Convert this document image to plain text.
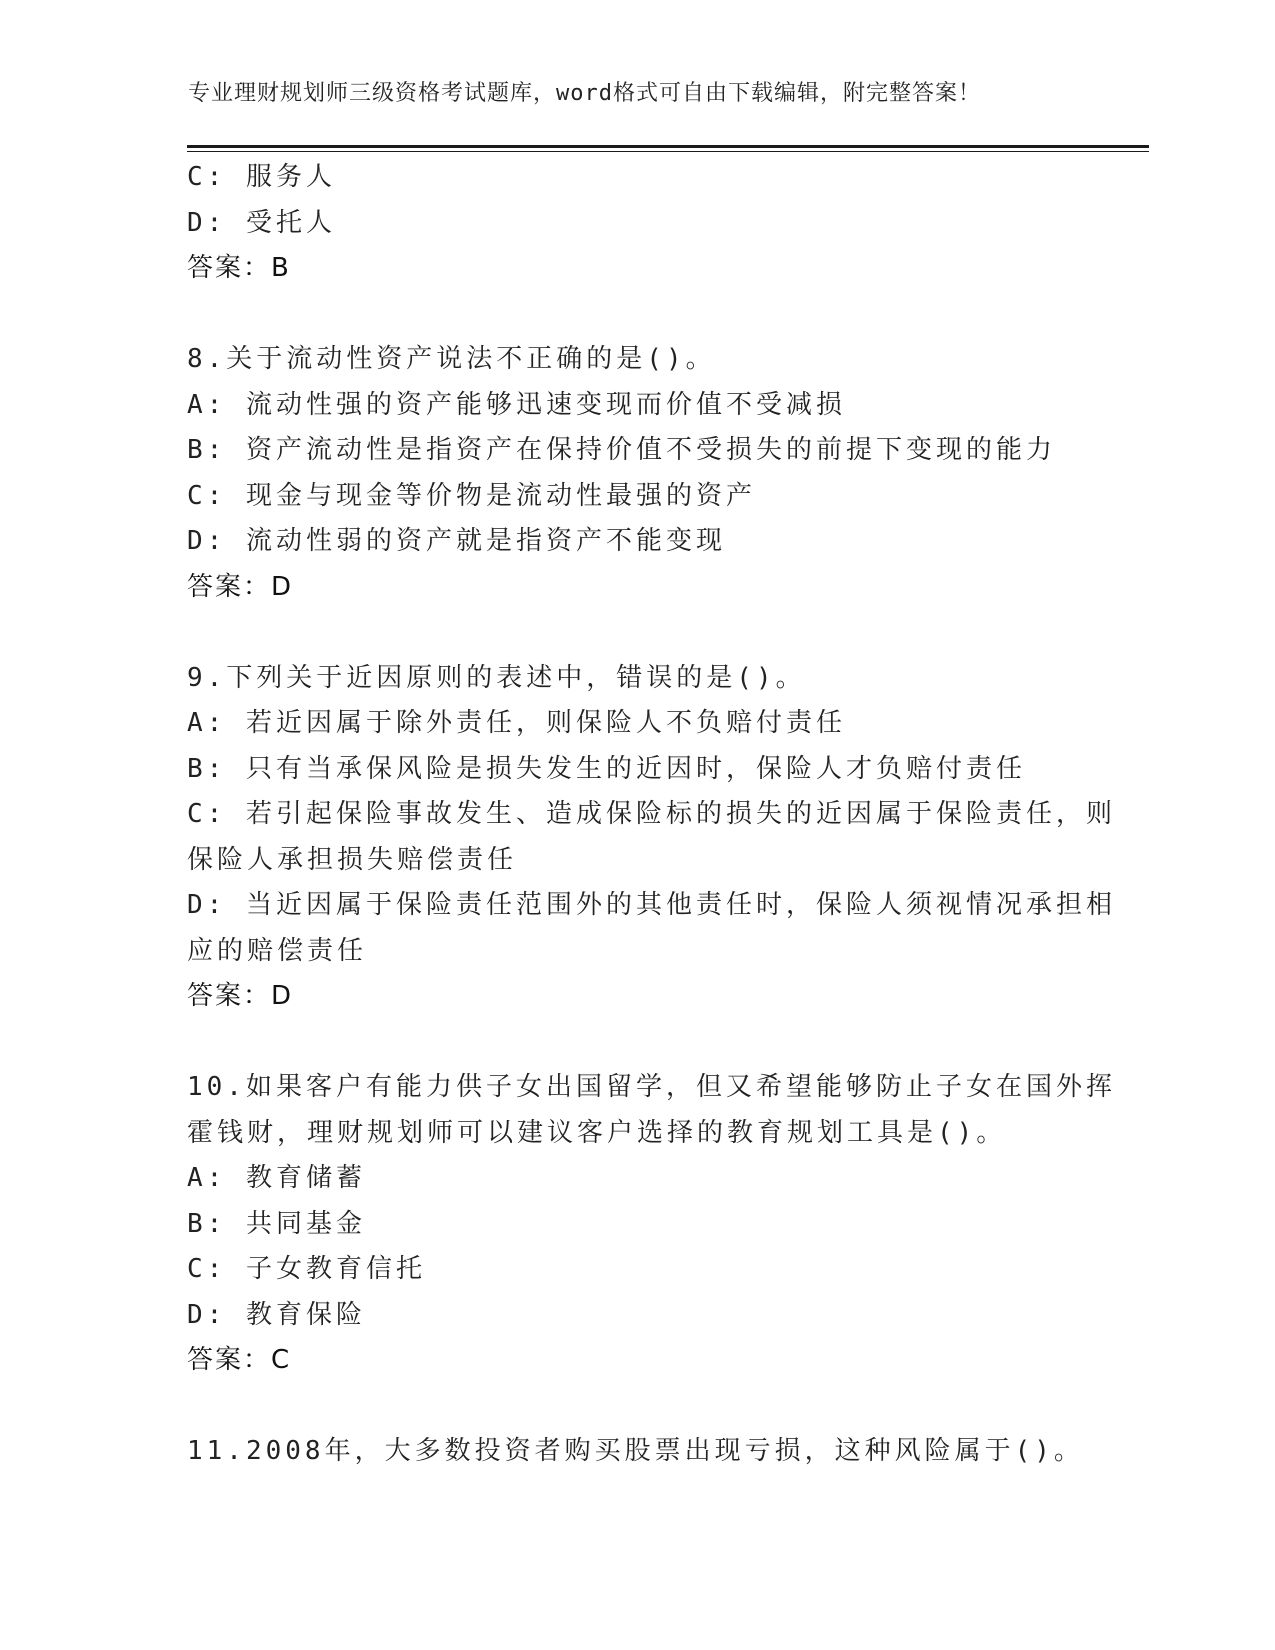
专业理财规划师三级资格考试题库，word格式可自由下载编辑，附完整答案！
C: 服务人
D: 受托人
答案：B
8.关于流动性资产说法不正确的是()。
A: 流动性强的资产能够迅速变现而价值不受减损
B: 资产流动性是指资产在保持价值不受损失的前提下变现的能力
C: 现金与现金等价物是流动性最强的资产
D: 流动性弱的资产就是指资产不能变现
答案：D
9.下列关于近因原则的表述中，错误的是()。
A: 若近因属于除外责任，则保险人不负赔付责任
B: 只有当承保风险是损失发生的近因时，保险人才负赔付责任
C: 若引起保险事故发生、造成保险标的损失的近因属于保险责任，则
保险人承担损失赔偿责任
D: 当近因属于保险责任范围外的其他责任时，保险人须视情况承担相
应的赔偿责任
答案：D
10.如果客户有能力供子女出国留学，但又希望能够防止子女在国外挥
霍钱财，理财规划师可以建议客户选择的教育规划工具是()。
A: 教育储蓄
B: 共同基金
C: 子女教育信托
D: 教育保险
答案：C
11.2008年，大多数投资者购买股票出现亏损，这种风险属于()。
